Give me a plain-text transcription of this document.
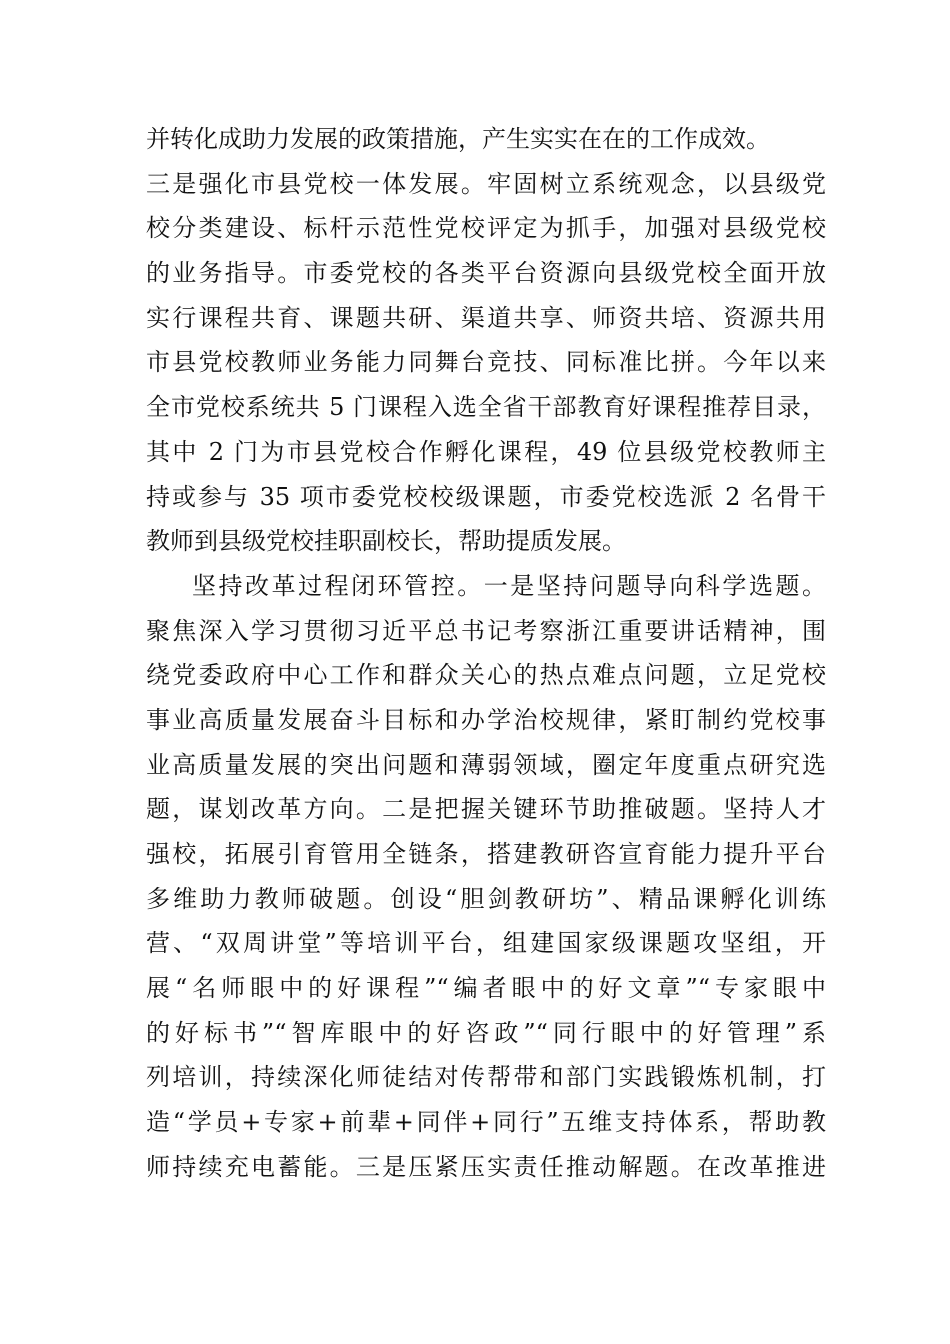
并转化成助力发展的政策措施，产生实实在在的工作成效。
三是强化市县党校一体发展。牢固树立系统观念，以县级党
校分类建设、标杆示范性党校评定为抓手，加强对县级党校
的业务指导。市委党校的各类平台资源向县级党校全面开放
实行课程共育、课题共研、渠道共享、师资共培、资源共用
市县党校教师业务能力同舞台竞技、同标准比拼。今年以来
全市党校系统共 5 门课程入选全省干部教育好课程推荐目录，
其中 2 门为市县党校合作孵化课程，49 位县级党校教师主
持或参与 35 项市委党校校级课题，市委党校选派 2 名骨干
教师到县级党校挂职副校长，帮助提质发展。
坚持改革过程闭环管控。一是坚持问题导向科学选题。
聚焦深入学习贯彻习近平总书记考察浙江重要讲话精神，围
绕党委政府中心工作和群众关心的热点难点问题，立足党校
事业高质量发展奋斗目标和办学治校规律，紧盯制约党校事
业高质量发展的突出问题和薄弱领域，圈定年度重点研究选
题，谋划改革方向。二是把握关键环节助推破题。坚持人才
强校，拓展引育管用全链条，搭建教研咨宣育能力提升平台
多维助力教师破题。创设“胆剑教研坊”、精品课孵化训练
营、“双周讲堂”等培训平台，组建国家级课题攻坚组，开
展“名师眼中的好课程”“编者眼中的好文章”“专家眼中
的好标书”“智库眼中的好咨政”“同行眼中的好管理”系
列培训，持续深化师徒结对传帮带和部门实践锻炼机制，打
造“学员+专家+前辈+同伴+同行”五维支持体系，帮助教
师持续充电蓄能。三是压紧压实责任推动解题。在改革推进
